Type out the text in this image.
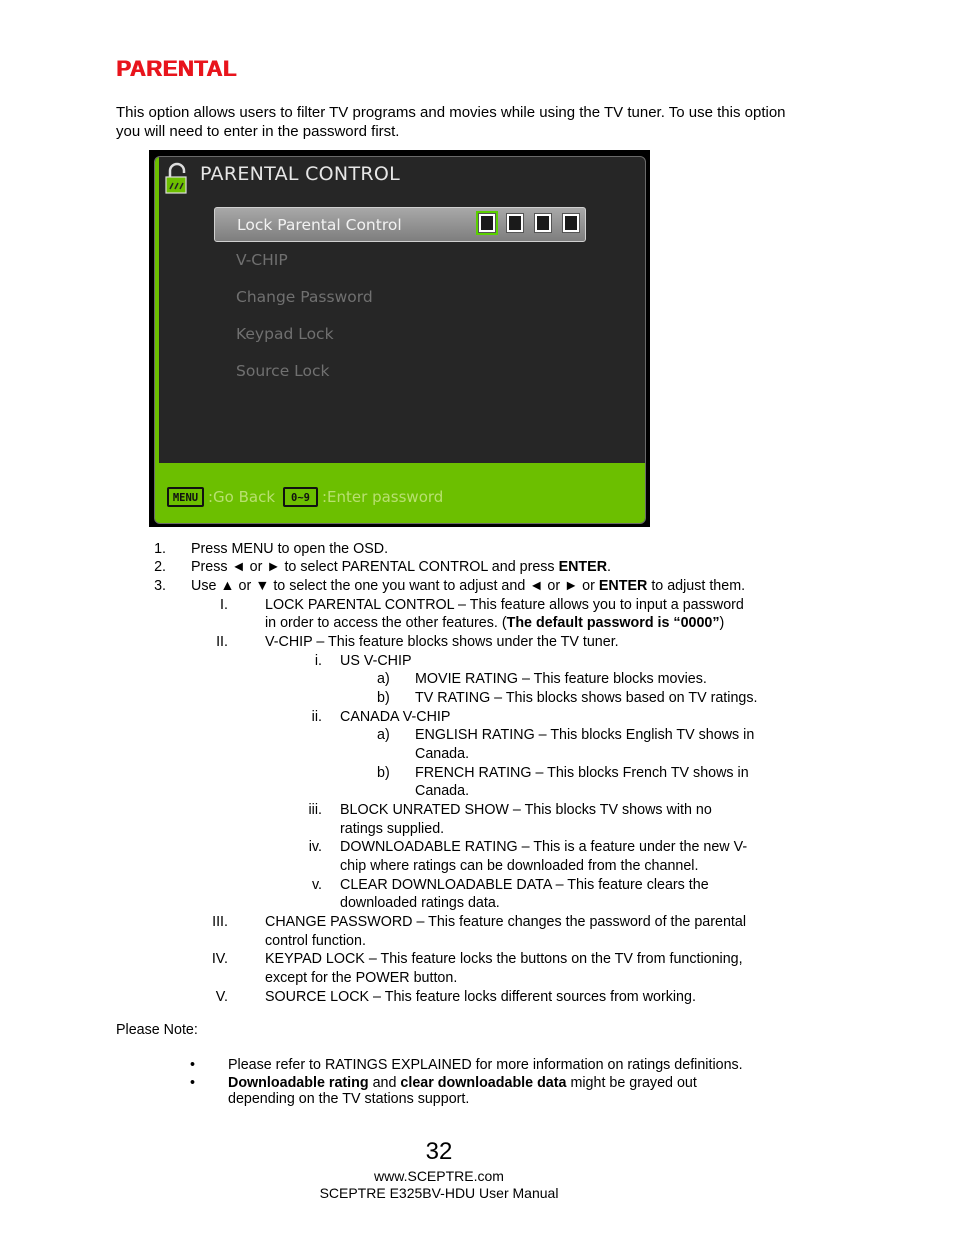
PARENTAL
This option allows users to filter TV programs and movies while using the TV tuner. To use this option you will need to enter in the password first.
PARENTAL CONTROL
Lock Parental Control
V-CHIP
Change Password
Keypad Lock
Source Lock
MENU :Go Back	0~9 :Enter password
1. Press MENU to open the OSD.
2. Press ◄ or ► to select PARENTAL CONTROL and press ENTER.
3. Use ▲ or ▼ to select the one you want to adjust and ◄ or ► or ENTER to adjust them.
I.	LOCK PARENTAL CONTROL – This feature allows you to input a password
in order to access the other features. (The default password is “0000”)
II.	V-CHIP – This feature blocks shows under the TV tuner.
i. US V-CHIP
a) MOVIE RATING – This feature blocks movies.
b) TV RATING – This blocks shows based on TV ratings.
ii. CANADA V-CHIP
a) ENGLISH RATING – This blocks English TV shows in
Canada.
b) FRENCH RATING – This blocks French TV shows in
Canada.
iii. BLOCK UNRATED SHOW – This blocks TV shows with no
ratings supplied.
iv. DOWNLOADABLE RATING – This is a feature under the new V-
chip where ratings can be downloaded from the channel.
v. CLEAR DOWNLOADABLE DATA – This feature clears the
downloaded ratings data.
III.	CHANGE PASSWORD – This feature changes the password of the parental
control function.
IV.	KEYPAD LOCK – This feature locks the buttons on the TV from functioning,
except for the POWER button.
V.	SOURCE LOCK – This feature locks different sources from working.
Please Note:
• Please refer to RATINGS EXPLAINED for more information on ratings definitions.
• Downloadable rating and clear downloadable data might be grayed out
depending on the TV stations support.
32
www.SCEPTRE.com
SCEPTRE E325BV-HDU User Manual
